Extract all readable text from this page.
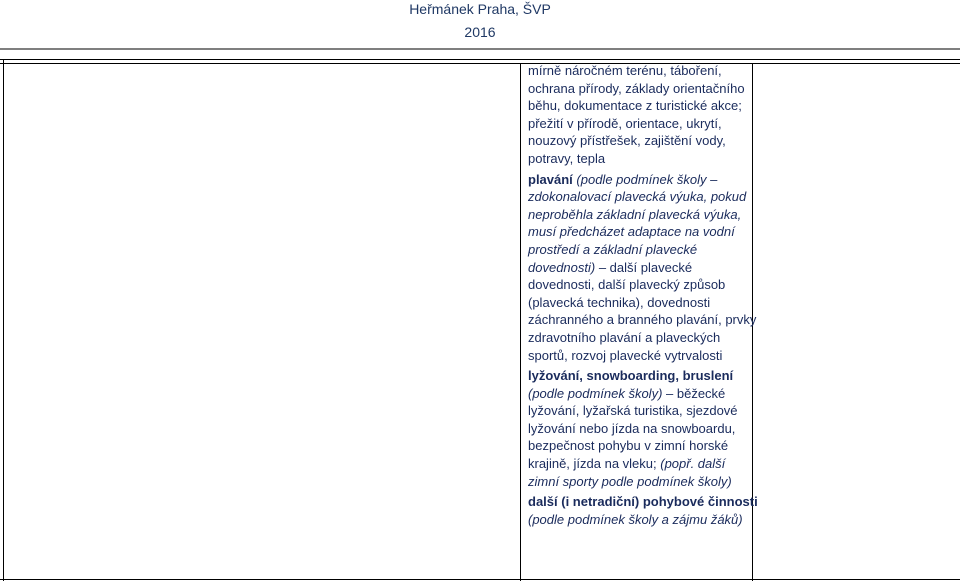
Heřmánek Praha, ŠVP
2016

mírně náročném terénu, táboření, ochrana přírody, základy orientačního běhu, dokumentace z turistické akce; přežití v přírodě, orientace, ukrytí, nouzový přístřešek, zajištění vody, potravy, tepla

plavání (podle podmínek školy – zdokonalovací plavecká výuka, pokud neproběhla základní plavecká výuka, musí předcházet adaptace na vodní prostředí a základní plavecké dovednosti) – další plavecké dovednosti, další plavecký způsob (plavecká technika), dovednosti záchranného a branného plavání, prvky zdravotního plavání a plaveckých sportů, rozvoj plavecké vytrvalosti

lyžování, snowboarding, bruslení (podle podmínek školy) – běžecké lyžování, lyžařská turistika, sjezdové lyžování nebo jízda na snowboardu, bezpečnost pohybu v zimní horské krajině, jízda na vleku; (popř. další zimní sporty podle podmínek školy)

další (i netradiční) pohybové činnosti (podle podmínek školy a zájmu žáků)
